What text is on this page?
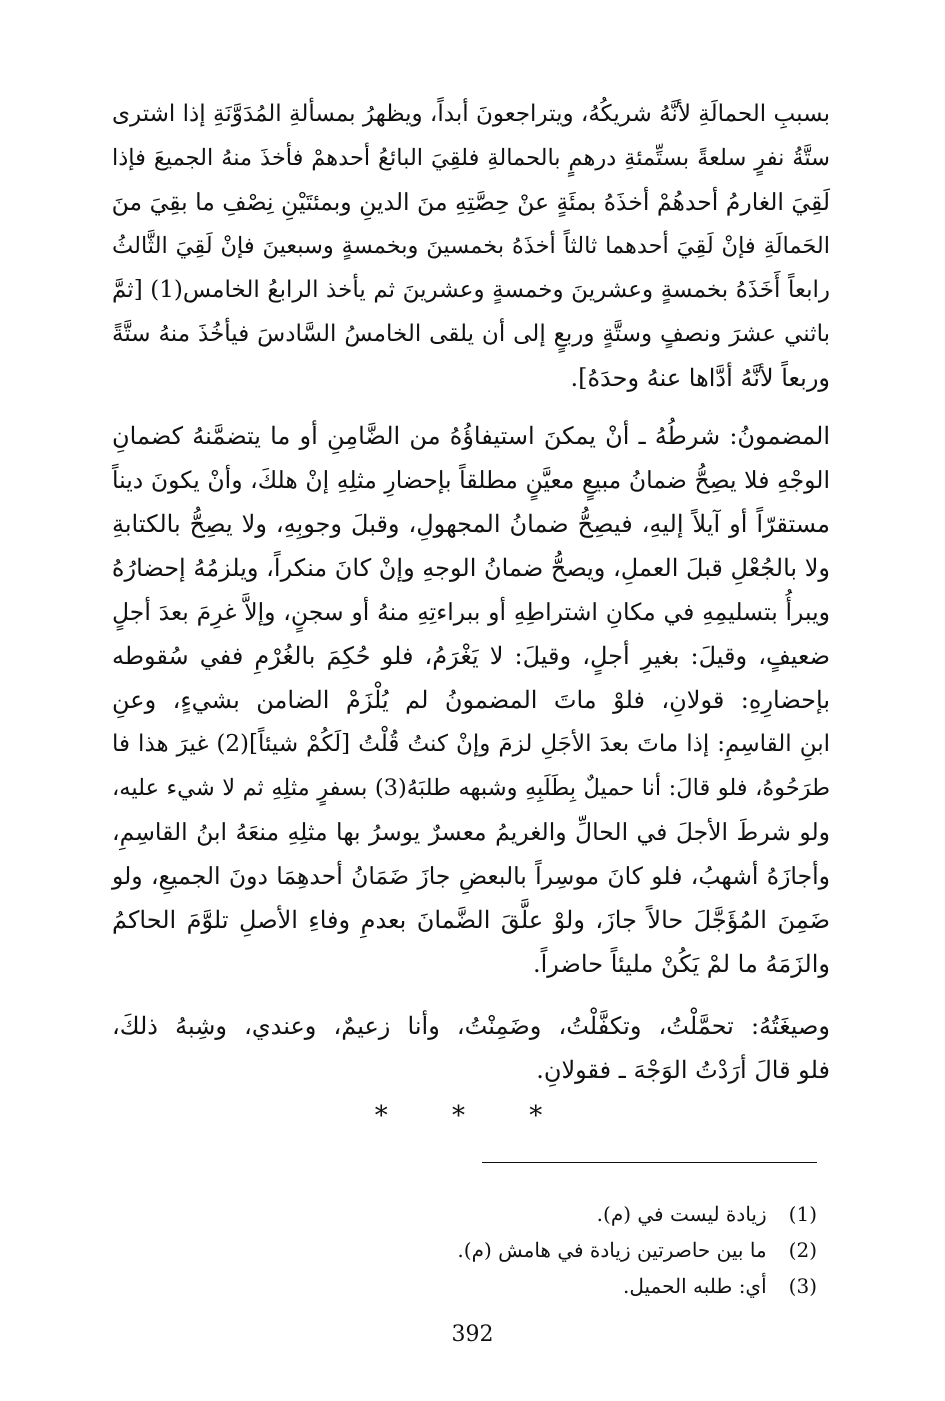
بسببِ الحمالَةِ لأنَّهُ شريكُهُ، ويتراجعونَ أبداً، ويظهرُ بمسألةِ المُدَوَّنَةِ إذا اشترى
ستَّةُ نفرٍ سلعةً بستِّمئةِ درهمٍ بالحمالةِ فلقِيَ البائعُ أحدهمْ فأخذَ منهُ الجميعَ فإذا
لَقِيَ الغارمُ أحدهُمْ أخذَهُ بمئَةٍ عنْ حِصَّتِهِ منَ الدينِ وبمئتَيْنِ نِصْفِ ما بقِيَ منَ
الحَمالَةِ فإنْ لَقِيَ أحدهما ثالثاً أخذَهُ بخمسينَ وبخمسةٍ وسبعينَ فإنْ لَقِيَ الثَّالثُ
رابعاً أَخَذَهُ بخمسةٍ وعشرينَ وخمسةٍ وعشرينَ ثم يأخذ الرابعُ الخامس(1) [ثمَّ
باثني عشرَ ونصفٍ وستَّةٍ وربعٍ إلى أن يلقى الخامسُ السَّادسَ فيأخُذَ منهُ ستَّةً
وربعاً لأنَّهُ أدَّاها عنهُ وحدَهُ].
المضمونُ: شرطُهُ ـ أنْ يمكنَ استيفاؤُهُ من الضَّامِنِ أو ما يتضمَّنهُ كضمانِ
الوجْهِ فلا يصِحُّ ضمانُ مبيعٍ معيَّنٍ مطلقاً بإحضارِ مثلِهِ إنْ هلكَ، وأنْ يكونَ ديناً
مستقرّاً أو آيلاً إليهِ، فيصِحُّ ضمانُ المجهولِ، وقبلَ وجوبِهِ، ولا يصِحُّ بالكتابةِ
ولا بالجُعْلِ قبلَ العملِ، ويصحُّ ضمانُ الوجهِ وإنْ كانَ منكراً، ويلزمُهُ إحضارُهُ
ويبرأُ بتسليمِهِ في مكانِ اشتراطِهِ أو ببراءتِهِ منهُ أو سجنٍ، وإلاَّ غرِمَ بعدَ أجلٍ
ضعيفٍ، وقيلَ: بغيرِ أجلٍ، وقيلَ: لا يَغْرَمُ، فلو حُكِمَ بالغُرْمِ ففي سُقوطه
بإحضارِهِ: قولانِ، فلوْ ماتَ المضمونُ لم يُلْزَمْ الضامن بشيءٍ، وعنِ
ابنِ القاسِمِ: إذا ماتَ بعدَ الأجَلِ لزمَ وإنْ كنتُ قُلْتُ [لَكُمْ شيئاً](2) غيرَ هذا فا
طرَحُوهُ، فلو قالَ: أنا حميلٌ بِطَلَبِهِ وشبهه طلبَهُ(3) بسفرٍ مثلِهِ ثم لا شيء عليه،
ولو شرطَ الأجلَ في الحالِّ والغريمُ معسرٌ يوسرُ بها مثلِهِ منعَهُ ابنُ القاسِمِ،
وأجازَهُ أشهبُ، فلو كانَ موسِراً بالبعضِ جازَ ضَمَانُ أحدهِمَا دونَ الجميعِ، ولو
ضَمِنَ المُؤَجَّلَ حالاً جازَ، ولوْ علَّقَ الضَّمانَ بعدمِ وفاءِ الأصلِ تلوَّمَ الحاكمُ
والزَمَهُ ما لمْ يَكُنْ مليئاً حاضراً.
وصيغَتُهُ: تحمَّلْتُ، وتكفَّلْتُ، وضَمِنْتُ، وأنا زعيمٌ، وعندي، وشِبهُ ذلكَ،
فلو قالَ أرَدْتُ الوَجْهَ ـ فقولانِ.
* * *
(1) زيادة ليست في (م).
(2) ما بين حاصرتين زيادة في هامش (م).
(3) أي: طلبه الحميل.
392
